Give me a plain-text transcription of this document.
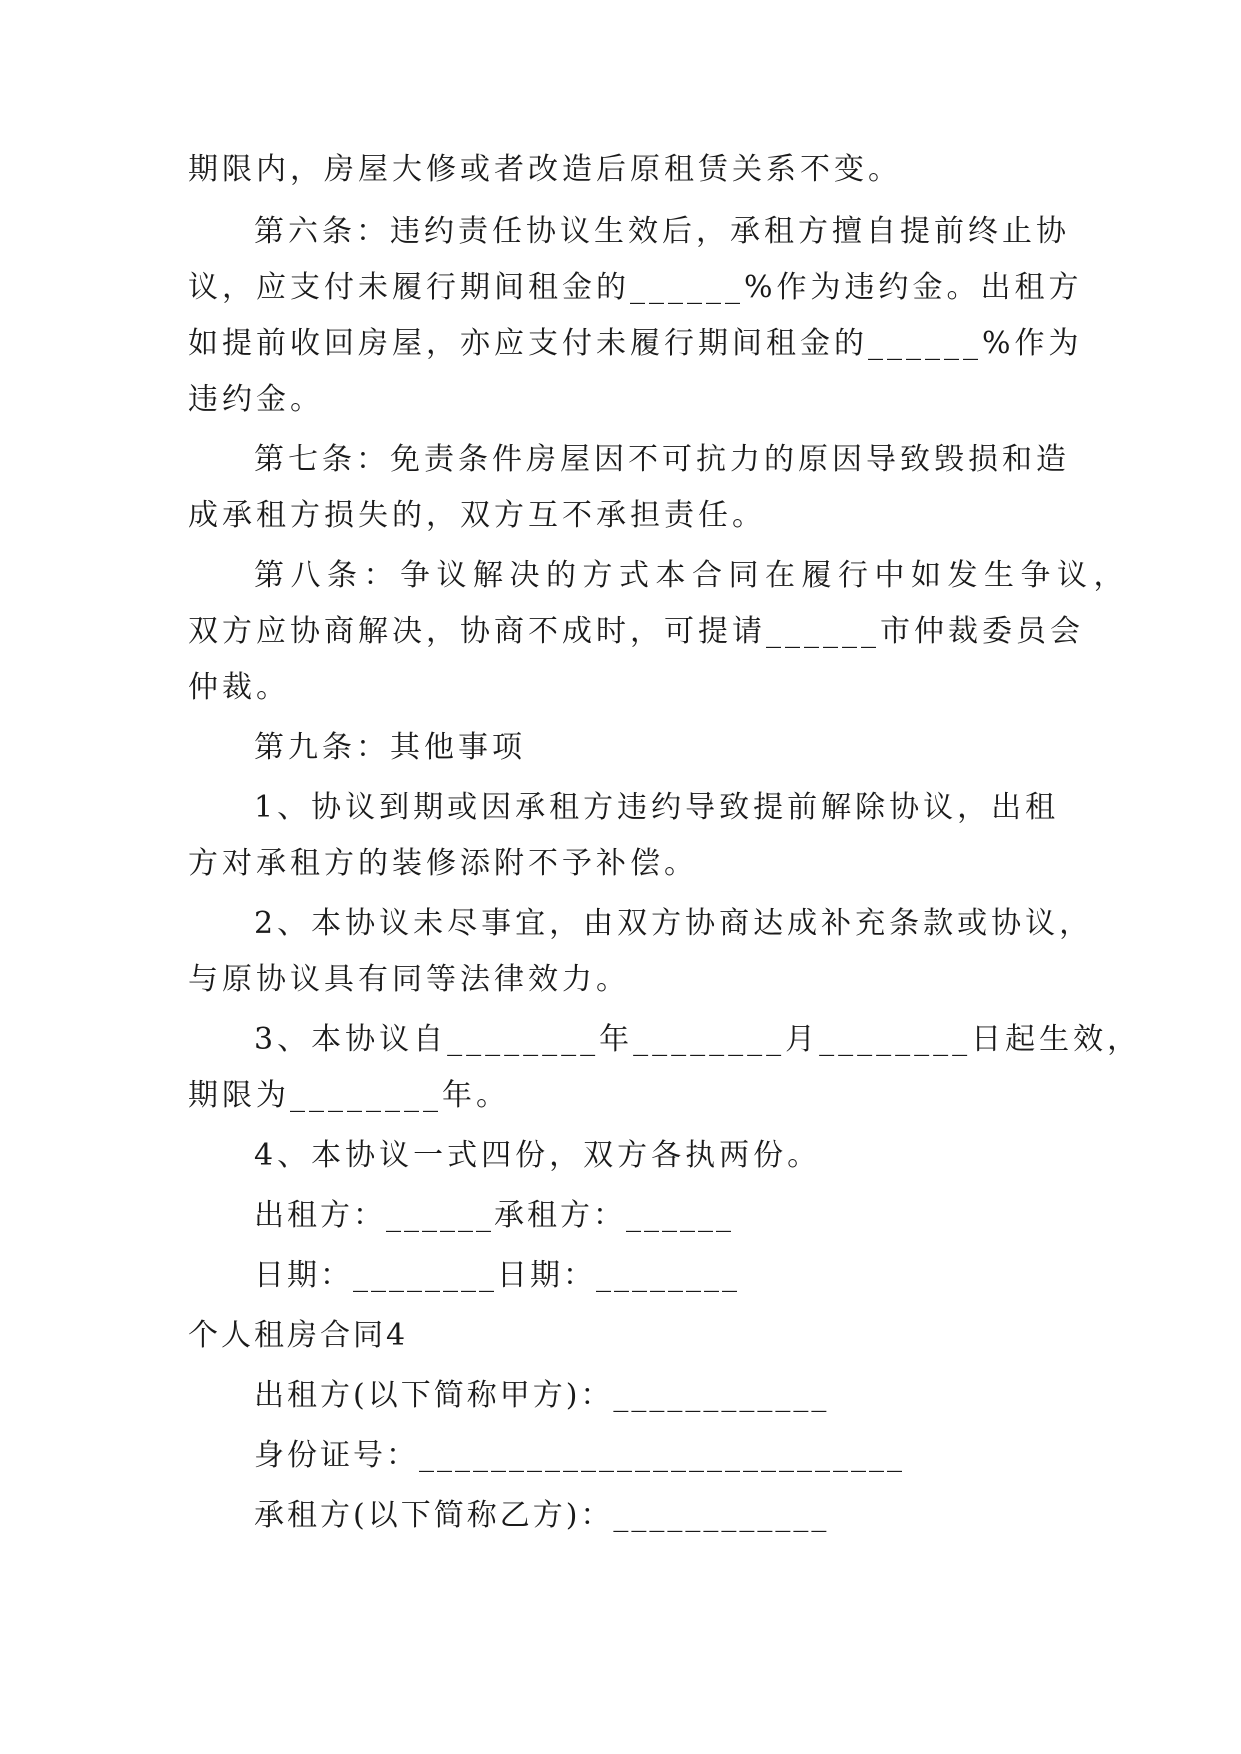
期限内，房屋大修或者改造后原租赁关系不变。
第六条：违约责任协议生效后，承租方擅自提前终止协
议，应支付未履行期间租金的______%作为违约金。出租方
如提前收回房屋，亦应支付未履行期间租金的______%作为
违约金。
第七条：免责条件房屋因不可抗力的原因导致毁损和造
成承租方损失的，双方互不承担责任。
第八条：争议解决的方式本合同在履行中如发生争议，
双方应协商解决，协商不成时，可提请______市仲裁委员会
仲裁。
第九条：其他事项
1、协议到期或因承租方违约导致提前解除协议，出租
方对承租方的装修添附不予补偿。
2、本协议未尽事宜，由双方协商达成补充条款或协议，
与原协议具有同等法律效力。
3、本协议自________年________月________日起生效，
期限为________年。
4、本协议一式四份，双方各执两份。
出租方：______承租方：______
日期：________日期：________
个人租房合同4
出租方(以下简称甲方)：____________
身份证号：___________________________
承租方(以下简称乙方)：____________
